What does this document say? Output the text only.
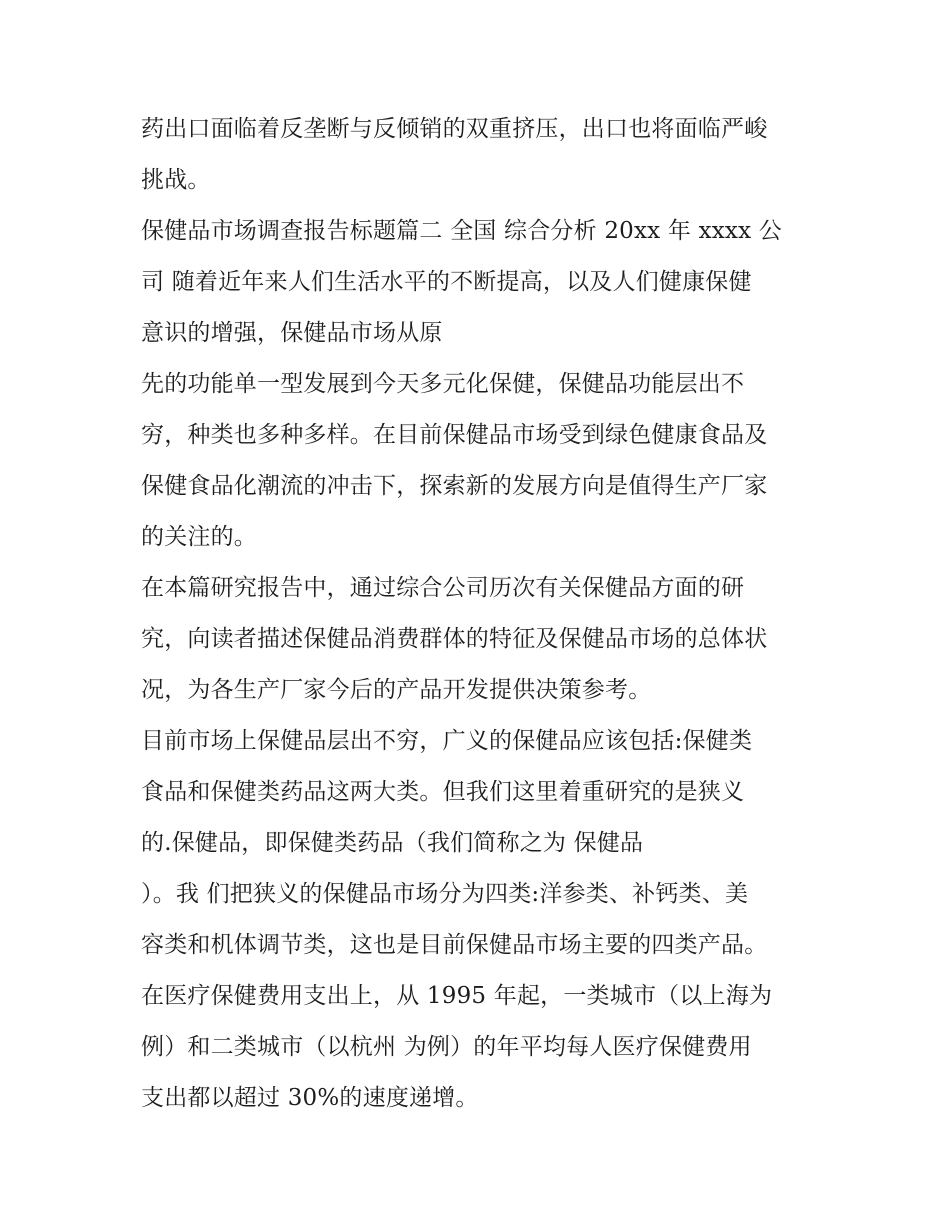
药出口面临着反垄断与反倾销的双重挤压，出口也将面临严峻
挑战。
保健品市场调查报告标题篇二 全国 综合分析 20xx 年 xxxx 公
司 随着近年来人们生活水平的不断提高，以及人们健康保健
意识的增强，保健品市场从原
先的功能单一型发展到今天多元化保健，保健品功能层出不
穷，种类也多种多样。在目前保健品市场受到绿色健康食品及
保健食品化潮流的冲击下，探索新的发展方向是值得生产厂家
的关注的。
在本篇研究报告中，通过综合公司历次有关保健品方面的研
究，向读者描述保健品消费群体的特征及保健品市场的总体状
况，为各生产厂家今后的产品开发提供决策参考。
目前市场上保健品层出不穷，广义的保健品应该包括:保健类
食品和保健类药品这两大类。但我们这里着重研究的是狭义
的.保健品，即保健类药品（我们简称之为 保健品
）。我 们把狭义的保健品市场分为四类:洋参类、补钙类、美
容类和机体调节类，这也是目前保健品市场主要的四类产品。
在医疗保健费用支出上，从 1995 年起，一类城市（以上海为
例）和二类城市（以杭州 为例）的年平均每人医疗保健费用
支出都以超过 30%的速度递增。
